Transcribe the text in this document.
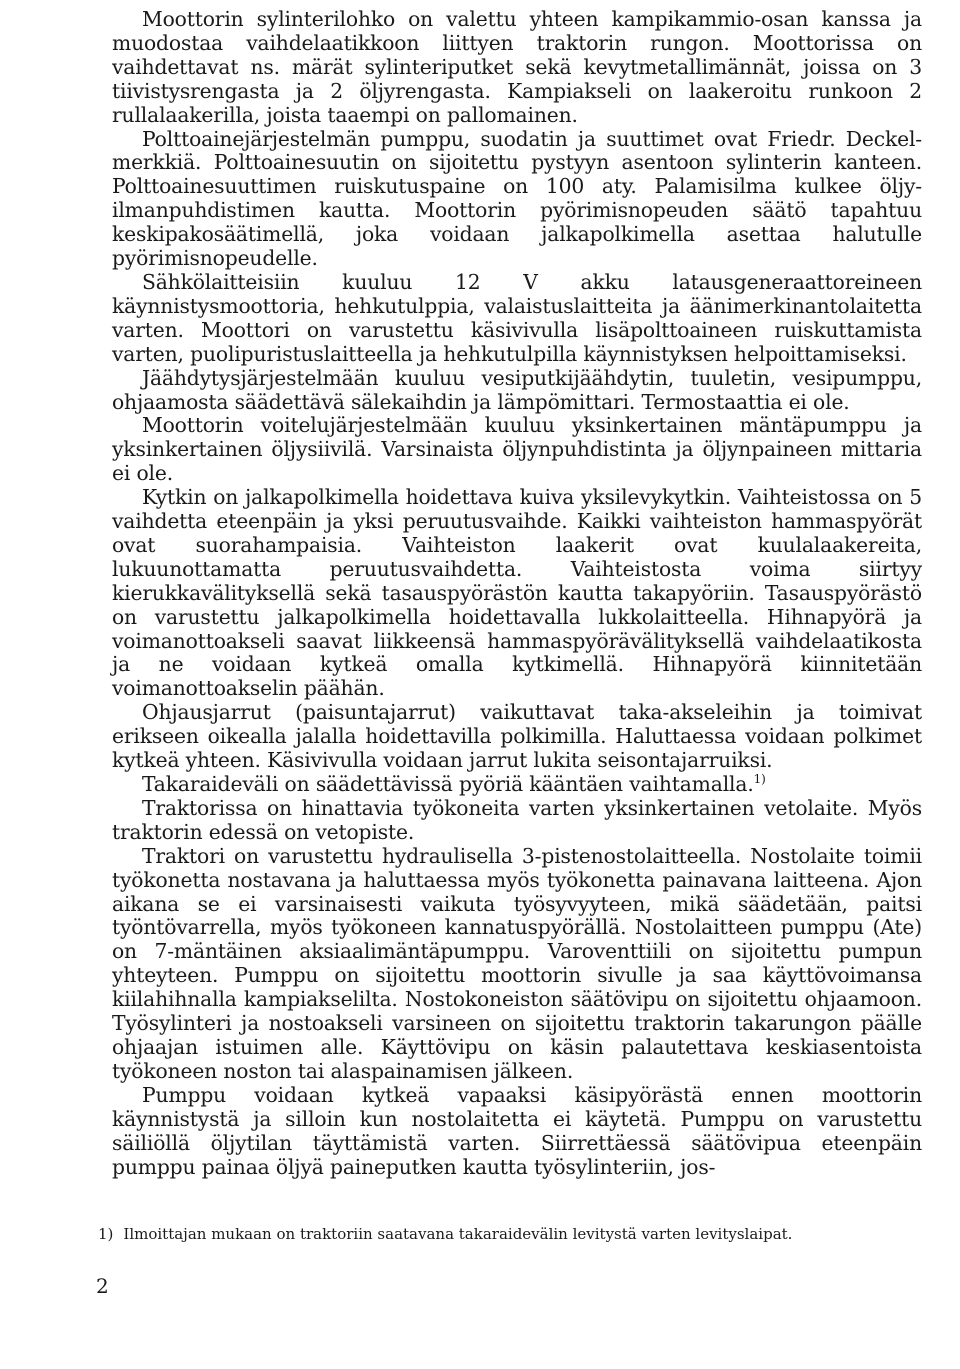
Moottorin sylinterilohko on valettu yhteen kampikammio-osan kanssa ja muodostaa vaihdelaatikkoon liittyen traktorin rungon. Moottorissa on vaihdettavat ns. märät sylinteriputket sekä kevytmetallimännät, joissa on 3 tiivistysrengasta ja 2 öljyrengasta. Kampiakseli on laakeroitu runkoon 2 rullalaakerilla, joista taaempi on pallomainen.

Polttoainejärjestelmän pumppu, suodatin ja suuttimet ovat Friedr. Deckel-merkkiä. Polttoainesuutin on sijoitettu pystyyn asentoon sylinterin kanteen. Polttoainesuuttimen ruiskutuspaine on 100 aty. Palamisilma kulkee öljy-ilmanpuhdistimen kautta. Moottorin pyörimisnopeuden säätö tapahtuu keskipakosäätimellä, joka voidaan jalkapolkimella asettaa halutulle pyörimisnopeudelle.

Sähkölaitteisiin kuuluu 12 V akku latausgeneraattoreineen käynnistysmoottoria, hehkutulppia, valaistuslaitteita ja äänimerkinantolaitetta varten. Moottori on varustettu käsivivulla lisäpolttoaineen ruiskuttamista varten, puolipuristuslaitteella ja hehkutulpilla käynnistyksen helpoittamiseksi.

Jäähdytysjärjestelmään kuuluu vesiputkijäähdytin, tuuletin, vesipumppu, ohjaamosta säädettävä sälekaihdin ja lämpömittari. Termostaattia ei ole.

Moottorin voitelujärjestelmään kuuluu yksinkertainen mäntäpumppu ja yksinkertainen öljysiivilä. Varsinaista öljynpuhdistinta ja öljynpaineen mittaria ei ole.

Kytkin on jalkapolkimella hoidettava kuiva yksilevykytkin. Vaihteistossa on 5 vaihdetta eteenpäin ja yksi peruutusvaihde. Kaikki vaihteiston hammaspyörät ovat suorahampaisia. Vaihteiston laakerit ovat kuulalaakereita, lukuunottamatta peruutusvaihdetta. Vaihteistosta voima siirtyy kierukkavälityksellä sekä tasauspyörästön kautta takapyöriin. Tasauspyörästö on varustettu jalkapolkimella hoidettavalla lukkolaitteella. Hihnapyörä ja voimanottoakseli saavat liikkeensä hammaspyörävälityksellä vaihdelaatikosta ja ne voidaan kytkeä omalla kytkimellä. Hihnapyörä kiinnitetään voimanottoakselin päähän.

Ohjausjarrut (paisuntajarrut) vaikuttavat taka-akseleihin ja toimivat erikseen oikealla jalalla hoidettavilla polkimilla. Haluttaessa voidaan polkimet kytkeä yhteen. Käsivivulla voidaan jarrut lukita seisontajarruiksi.

Takaraideväli on säädettävissä pyöriä kääntäen vaihtamalla.$^{1)}$

Traktorissa on hinattavia työkoneita varten yksinkertainen vetolaite. Myös traktorin edessä on vetopiste.

Traktori on varustettu hydraulisella 3-pistenostolaitteella. Nostolaite toimii työkonetta nostavana ja haluttaessa myös työkonetta painavana laitteena. Ajon aikana se ei varsinaisesti vaikuta työsyvyyteen, mikä säädetään, paitsi työntövarrella, myös työkoneen kannatuspyörällä. Nostolaitteen pumppu (Ate) on 7-mäntäinen aksiaalimäntäpumppu. Varoventtiili on sijoitettu pumpun yhteyteen. Pumppu on sijoitettu moottorin sivulle ja saa käyttövoimansa kiilahihnalla kampiakselilta. Nostokoneiston säätövipu on sijoitettu ohjaamoon. Työsylinteri ja nostoakseli varsineen on sijoitettu traktorin takarungon päälle ohjaajan istuimen alle. Käyttövipu on käsin palautettava keskiasentoista työkoneen noston tai alaspainamisen jälkeen.

Pumppu voidaan kytkeä vapaaksi käsipyörästä ennen moottorin käynnistystä ja silloin kun nostolaitetta ei käytetä. Pumppu on varustettu säiliöllä öljytilan täyttämistä varten. Siirrettäessä säätövipua eteenpäin pumppu painaa öljyä paineputken kautta työsylinteriin, jos-

1) Ilmoittajan mukaan on traktoriin saatavana takaraidevälin levitystä varten levityslaipat.

2
